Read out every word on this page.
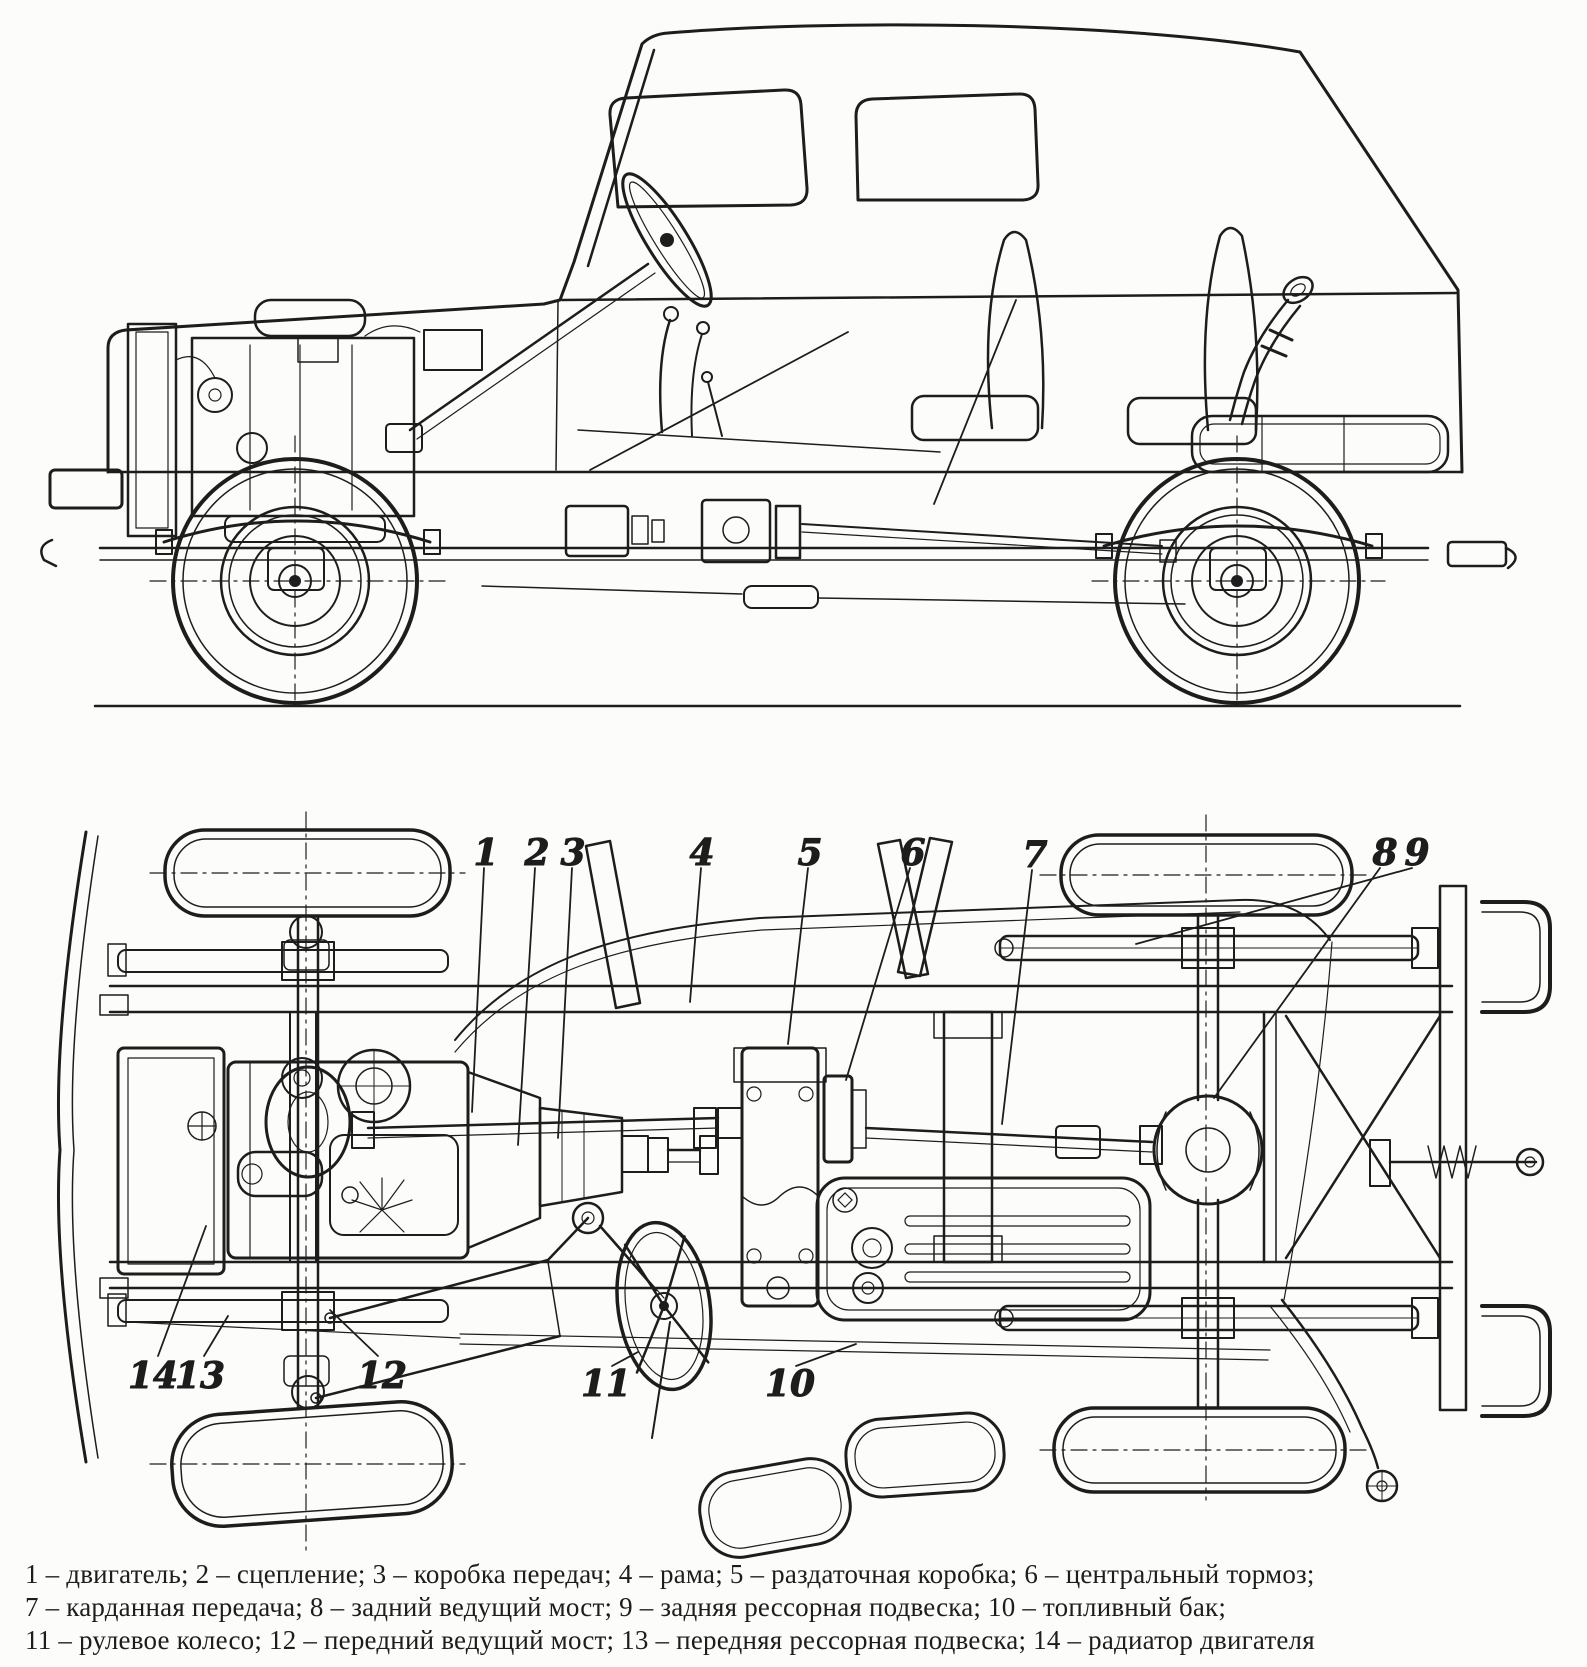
1 2 3	4 5 6	7	8 9
10
11
12
13
14

1 – двигатель; 2 – сцепление; 3 – коробка передач; 4 – рама; 5 – раздаточная коробка; 6 – центральный тормоз;

7 – карданная передача; 8 – задний ведущий мост; 9 – задняя рессорная подвеска; 10 – топливный бак;

11 – рулевое колесо; 12 – передний ведущий мост; 13 – передняя рессорная подвеска; 14 – радиатор двигателя
